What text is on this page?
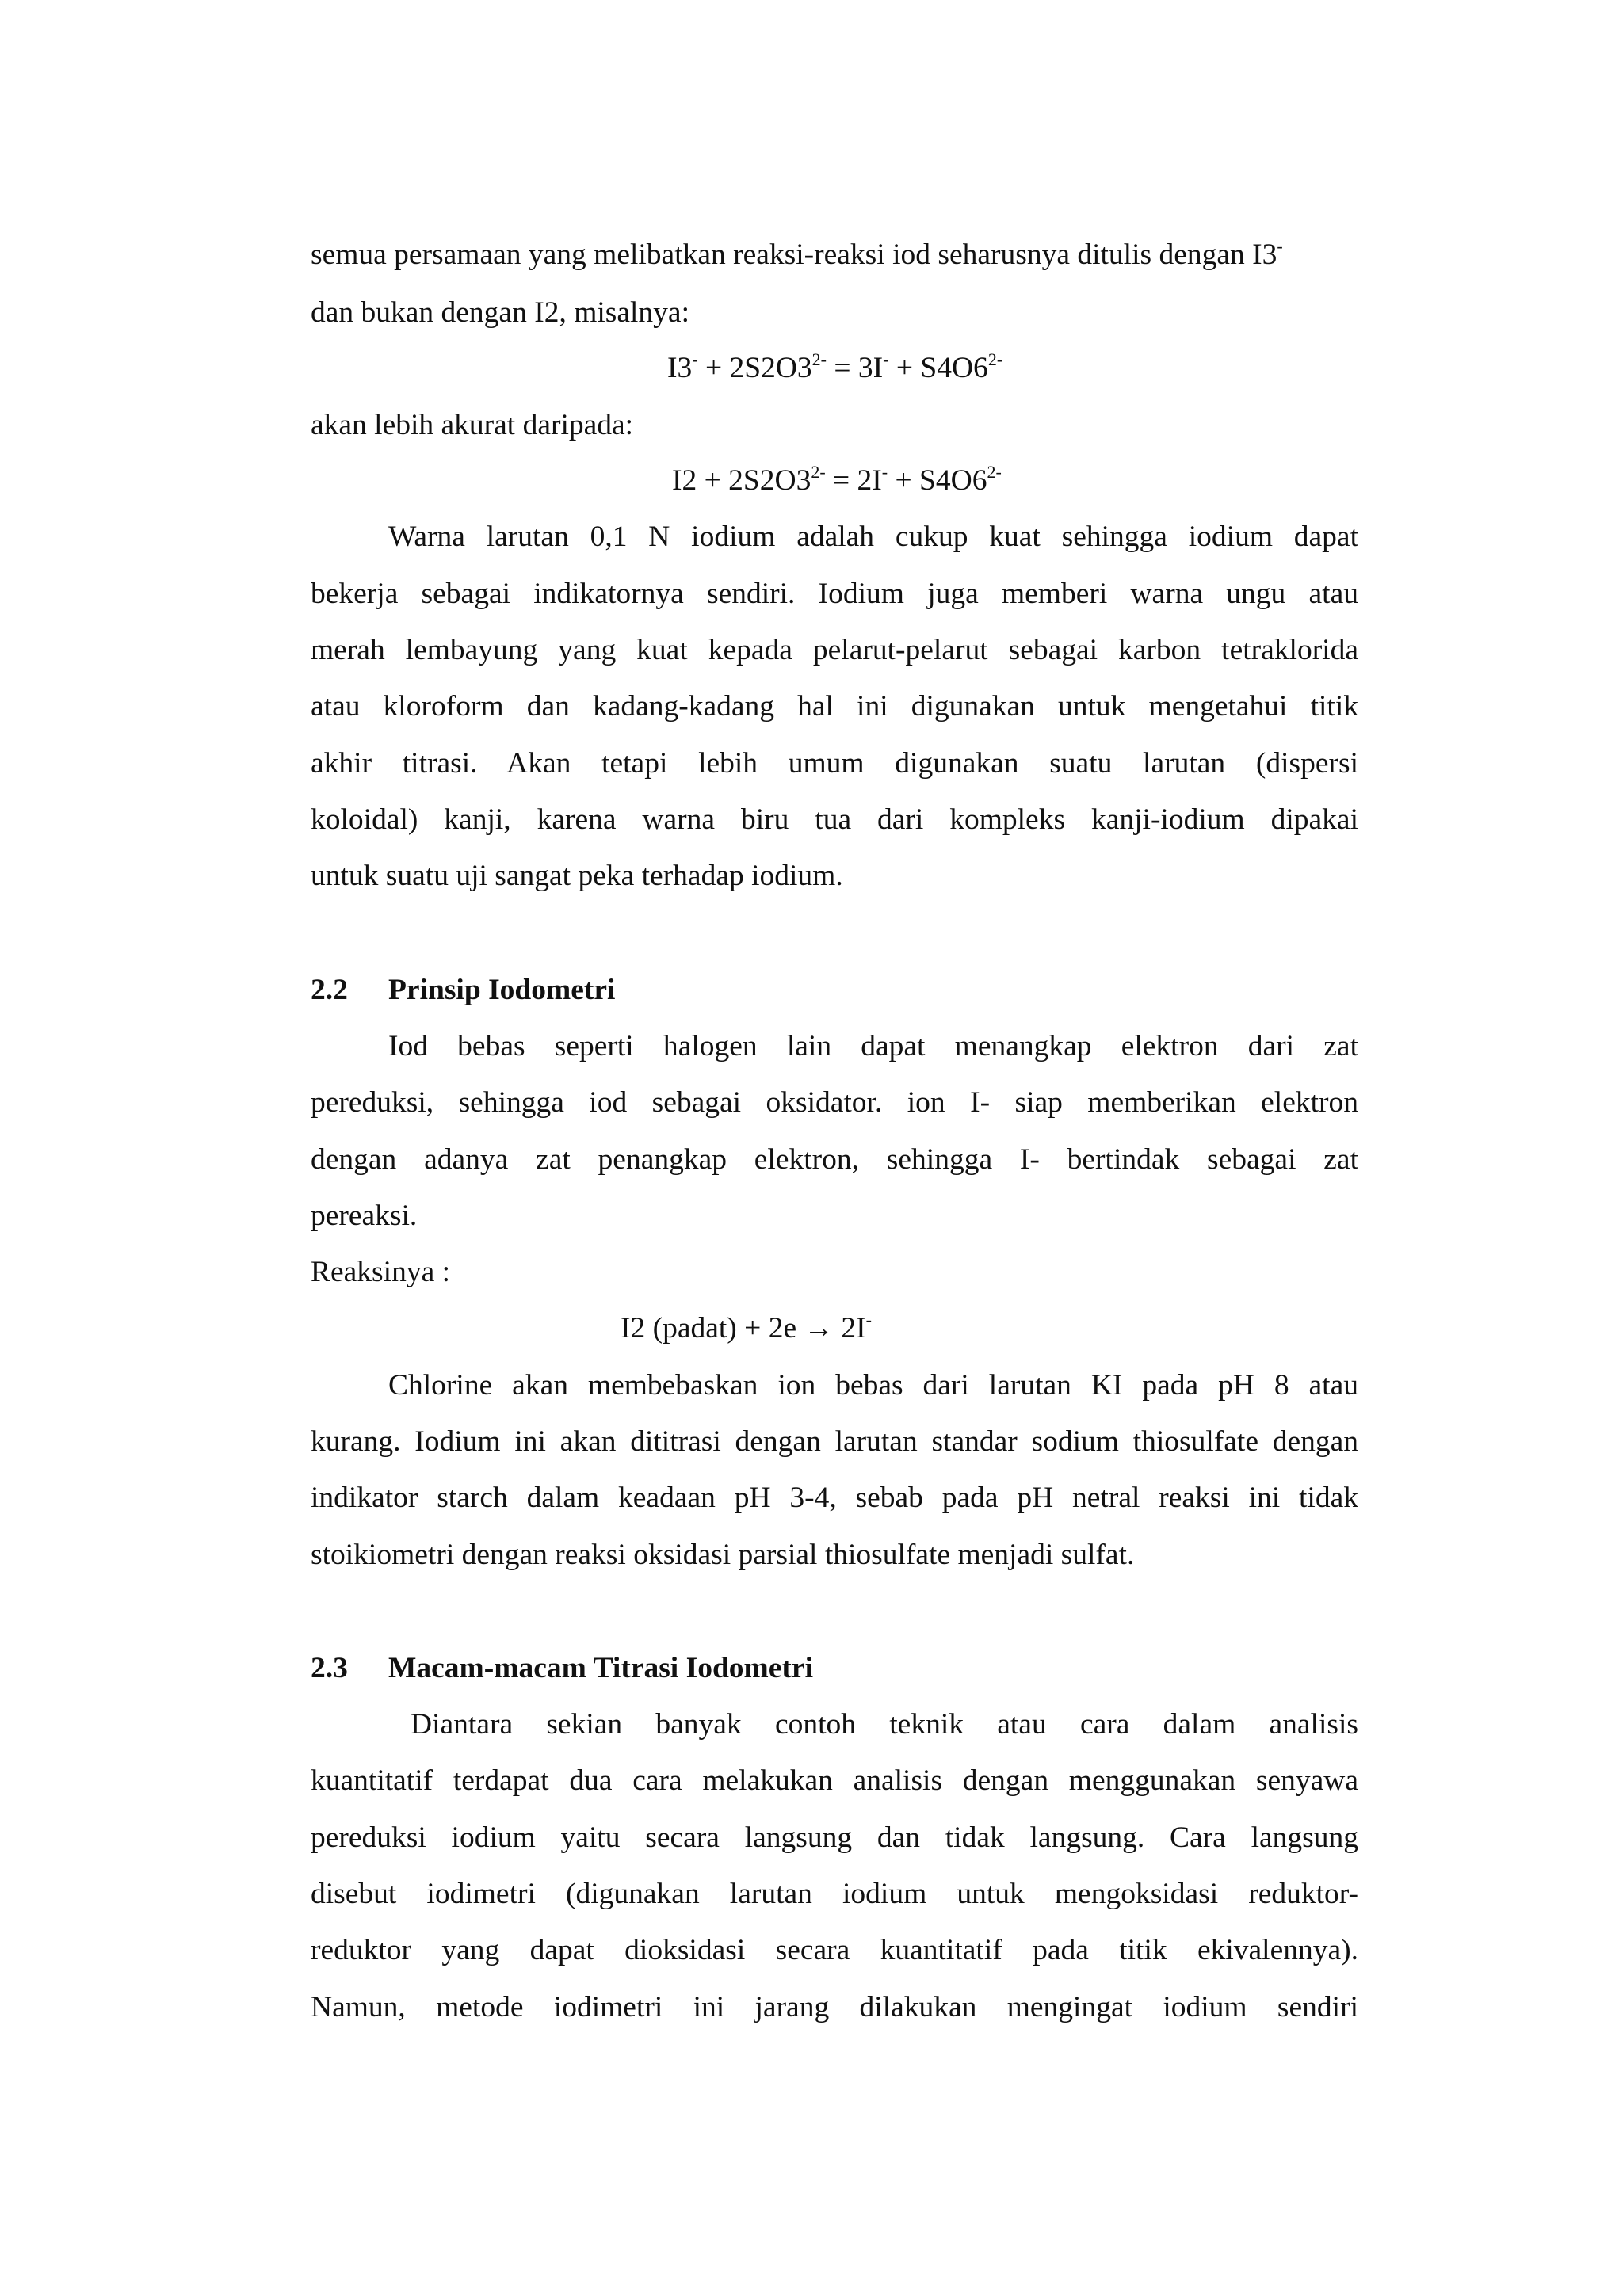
semua persamaan yang melibatkan reaksi-reaksi iod seharusnya ditulis dengan I3-
dan bukan dengan I2, misalnya:
$I3^- + 2S2O3^{2-} = 3I^- + S4O6^{2-}$
akan lebih akurat daripada:
$I2 + 2S2O3^{2-} = 2I^- + S4O6^{2-}$
Warna larutan 0,1 N iodium adalah cukup kuat sehingga iodium dapat
bekerja sebagai indikatornya sendiri. Iodium juga memberi warna ungu atau
merah lembayung yang kuat kepada pelarut-pelarut sebagai karbon tetraklorida
atau kloroform dan kadang-kadang hal ini digunakan untuk mengetahui titik
akhir titrasi. Akan tetapi lebih umum digunakan suatu larutan (dispersi
koloidal) kanji, karena warna biru tua dari kompleks kanji-iodium dipakai
untuk suatu uji sangat peka terhadap iodium.
2.2 Prinsip Iodometri
Iod bebas seperti halogen lain dapat menangkap elektron dari zat
pereduksi, sehingga iod sebagai oksidator. ion I- siap memberikan elektron
dengan adanya zat penangkap elektron, sehingga I- bertindak sebagai zat
pereaksi.
Reaksinya :
I2 (padat) + 2e → 2I-
Chlorine akan membebaskan ion bebas dari larutan KI pada pH 8 atau
kurang. Iodium ini akan dititrasi dengan larutan standar sodium thiosulfate dengan
indikator starch dalam keadaan pH 3-4, sebab pada pH netral reaksi ini tidak
stoikiometri dengan reaksi oksidasi parsial thiosulfate menjadi sulfat.
2.3 Macam-macam Titrasi Iodometri
Diantara sekian banyak contoh teknik atau cara dalam analisis
kuantitatif terdapat dua cara melakukan analisis dengan menggunakan senyawa
pereduksi iodium yaitu secara langsung dan tidak langsung. Cara langsung
disebut iodimetri (digunakan larutan iodium untuk mengoksidasi reduktor-
reduktor yang dapat dioksidasi secara kuantitatif pada titik ekivalennya).
Namun, metode iodimetri ini jarang dilakukan mengingat iodium sendiri
